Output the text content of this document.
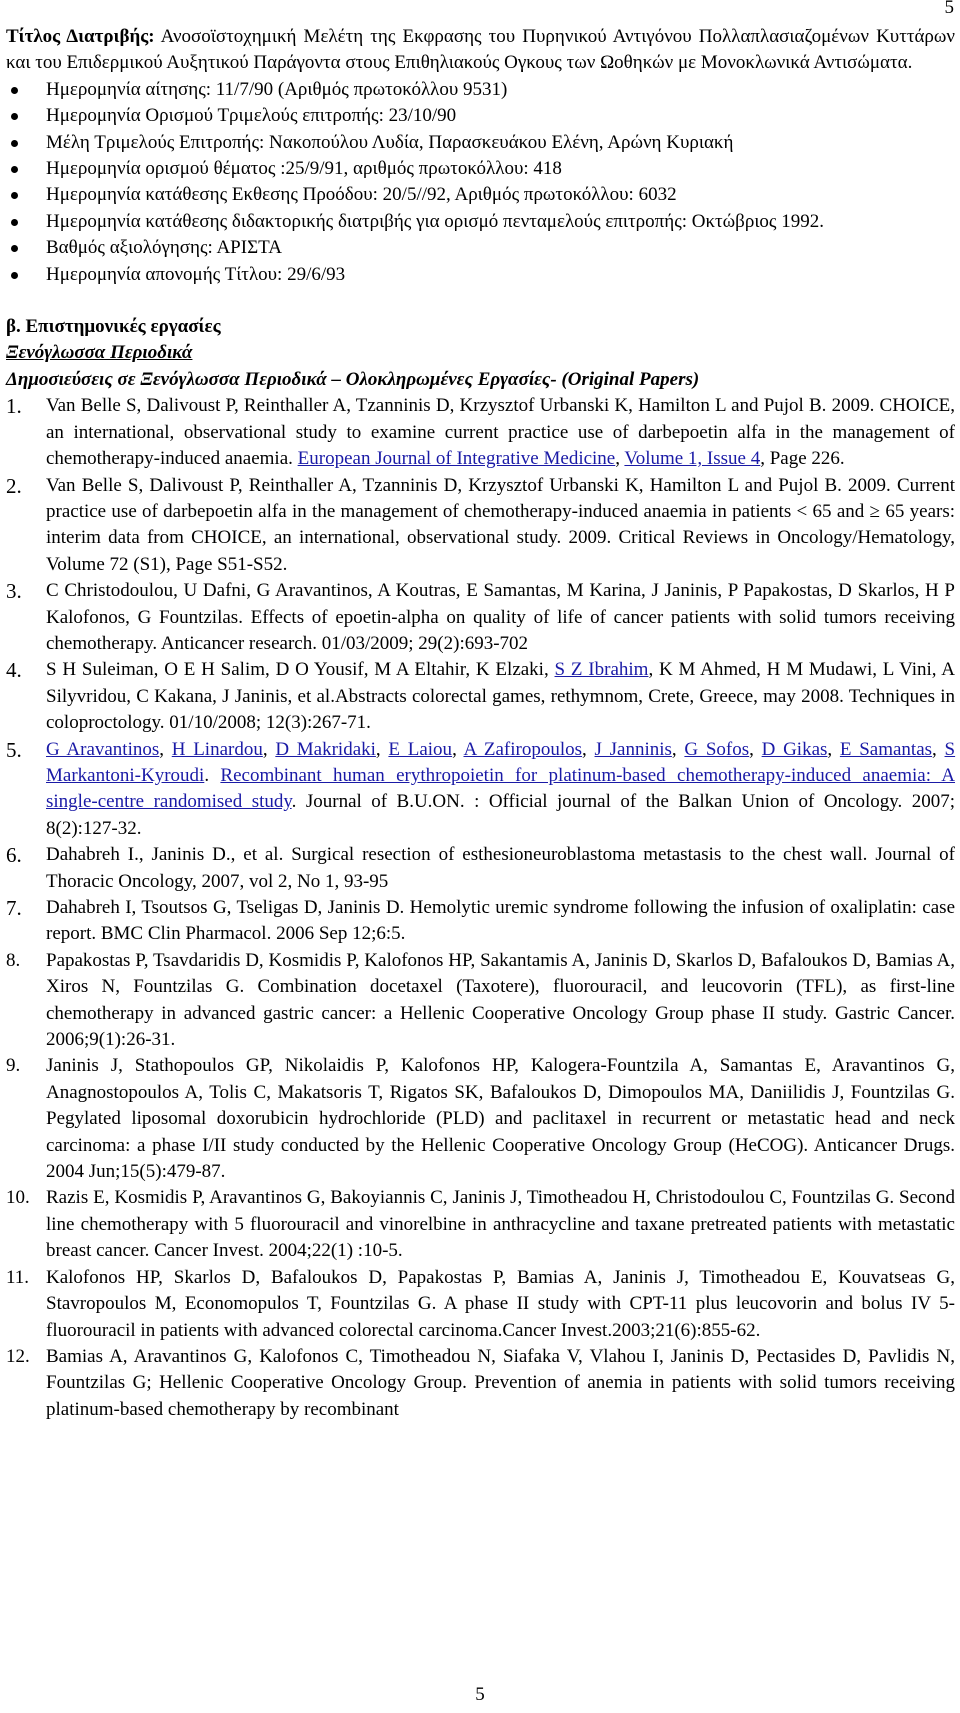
5
Τίτλος Διατριβής: Ανοσοϊστοχημική Μελέτη της Εκφρασης του Πυρηνικού Αντιγόνου Πολλαπλασιαζομένων Κυττάρων και του Επιδερμικού Αυξητικού Παράγοντα στους Επιθηλιακούς Ογκους των Ωοθηκών με Μονοκλωνικά Αντισώματα.
Ημερομηνία αίτησης: 11/7/90 (Αριθμός πρωτοκόλλου 9531)
Ημερομηνία Ορισμού Τριμελούς επιτροπής: 23/10/90
Μέλη Τριμελούς Επιτροπής: Νακοπούλου Λυδία, Παρασκευάκου Ελένη, Αρώνη Κυριακή
Ημερομηνία ορισμού θέματος :25/9/91, αριθμός πρωτοκόλλου: 418
Ημερομηνία κατάθεσης Εκθεσης Προόδου: 20/5//92, Αριθμός πρωτοκόλλου: 6032
Ημερομηνία κατάθεσης διδακτορικής διατριβής για ορισμό πενταμελούς επιτροπής: Οκτώβριος 1992.
Βαθμός αξιολόγησης: ΑΡΙΣΤΑ
Ημερομηνία απονομής Τίτλου: 29/6/93
β. Επιστημονικές εργασίες
Ξενόγλωσσα Περιοδικά
Δημοσιεύσεις σε Ξενόγλωσσα Περιοδικά – Ολοκληρωμένες Εργασίες- (Original Papers)
1.	Van Belle S, Dalivoust P, Reinthaller A, Tzanninis D, Krzysztof Urbanski K, Hamilton L and Pujol B. 2009. CHOICE, an international, observational study to examine current practice use of darbepoetin alfa in the management of chemotherapy-induced anaemia. European Journal of Integrative Medicine, Volume 1, Issue 4, Page 226.
2.	Van Belle S, Dalivoust P, Reinthaller A, Tzanninis D, Krzysztof Urbanski K, Hamilton L and Pujol B. 2009. Current practice use of darbepoetin alfa in the management of chemotherapy-induced anaemia in patients < 65 and ≥ 65 years: interim data from CHOICE, an international, observational study. 2009. Critical Reviews in Oncology/Hematology, Volume 72 (S1), Page S51-S52.
3.	C Christodoulou, U Dafni, G Aravantinos, A Koutras, E Samantas, M Karina, J Janinis, P Papakostas, D Skarlos, H P Kalofonos, G Fountzilas. Effects of epoetin-alpha on quality of life of cancer patients with solid tumors receiving chemotherapy. Anticancer research. 01/03/2009; 29(2):693-702
4.	S H Suleiman, O E H Salim, D O Yousif, M A Eltahir, K Elzaki, S Z Ibrahim, K M Ahmed, H M Mudawi, L Vini, A Silyvridou, C Kakana, J Janinis, et al.Abstracts colorectal games, rethymnom, Crete, Greece, may 2008. Techniques in coloproctology. 01/10/2008; 12(3):267-71.
5.	G Aravantinos, H Linardou, D Makridaki, E Laiou, A Zafiropoulos, J Janninis, G Sofos, D Gikas, E Samantas, S Markantoni-Kyroudi. Recombinant human erythropoietin for platinum-based chemotherapy-induced anaemia: A single-centre randomised study. Journal of B.U.ON. : Official journal of the Balkan Union of Oncology. 2007; 8(2):127-32.
6.	Dahabreh I., Janinis D., et al. Surgical resection of esthesioneuroblastoma metastasis to the chest wall. Journal of Thoracic Oncology, 2007, vol 2, No 1, 93-95
7.	Dahabreh I, Tsoutsos G, Tseligas D, Janinis D. Hemolytic uremic syndrome following the infusion of oxaliplatin: case report. BMC Clin Pharmacol. 2006 Sep 12;6:5.
8.	Papakostas P, Tsavdaridis D, Kosmidis P, Kalofonos HP, Sakantamis A, Janinis D, Skarlos D, Bafaloukos D, Bamias A, Xiros N, Fountzilas G. Combination docetaxel (Taxotere), fluorouracil, and leucovorin (TFL), as first-line chemotherapy in advanced gastric cancer: a Hellenic Cooperative Oncology Group phase II study. Gastric Cancer. 2006;9(1):26-31.
9.	Janinis J, Stathopoulos GP, Nikolaidis P, Kalofonos HP, Kalogera-Fountzila A, Samantas E, Aravantinos G, Anagnostopoulos A, Tolis C, Makatsoris T, Rigatos SK, Bafaloukos D, Dimopoulos MA, Daniilidis J, Fountzilas G. Pegylated liposomal doxorubicin hydrochloride (PLD) and paclitaxel in recurrent or metastatic head and neck carcinoma: a phase I/II study conducted by the Hellenic Cooperative Oncology Group (HeCOG). Anticancer Drugs. 2004 Jun;15(5):479-87.
10. Razis E, Kosmidis P, Aravantinos G, Bakoyiannis C, Janinis J, Timotheadou H, Christodoulou C, Fountzilas G. Second line chemotherapy with 5 fluorouracil and vinorelbine in anthracycline and taxane pretreated patients with metastatic breast cancer. Cancer Invest. 2004;22(1) :10-5.
11. Kalofonos HP, Skarlos D, Bafaloukos D, Papakostas P, Bamias A, Janinis J, Timotheadou E, Kouvatseas G, Stavropoulos M, Economopulos T, Fountzilas G. A phase II study with CPT-11 plus leucovorin and bolus IV 5-fluorouracil in patients with advanced colorectal carcinoma.Cancer Invest.2003;21(6):855-62.
12. Bamias A, Aravantinos G, Kalofonos C, Timotheadou N, Siafaka V, Vlahou I, Janinis D, Pectasides D, Pavlidis N, Fountzilas G; Hellenic Cooperative Oncology Group. Prevention of anemia in patients with solid tumors receiving platinum-based chemotherapy by recombinant
5
